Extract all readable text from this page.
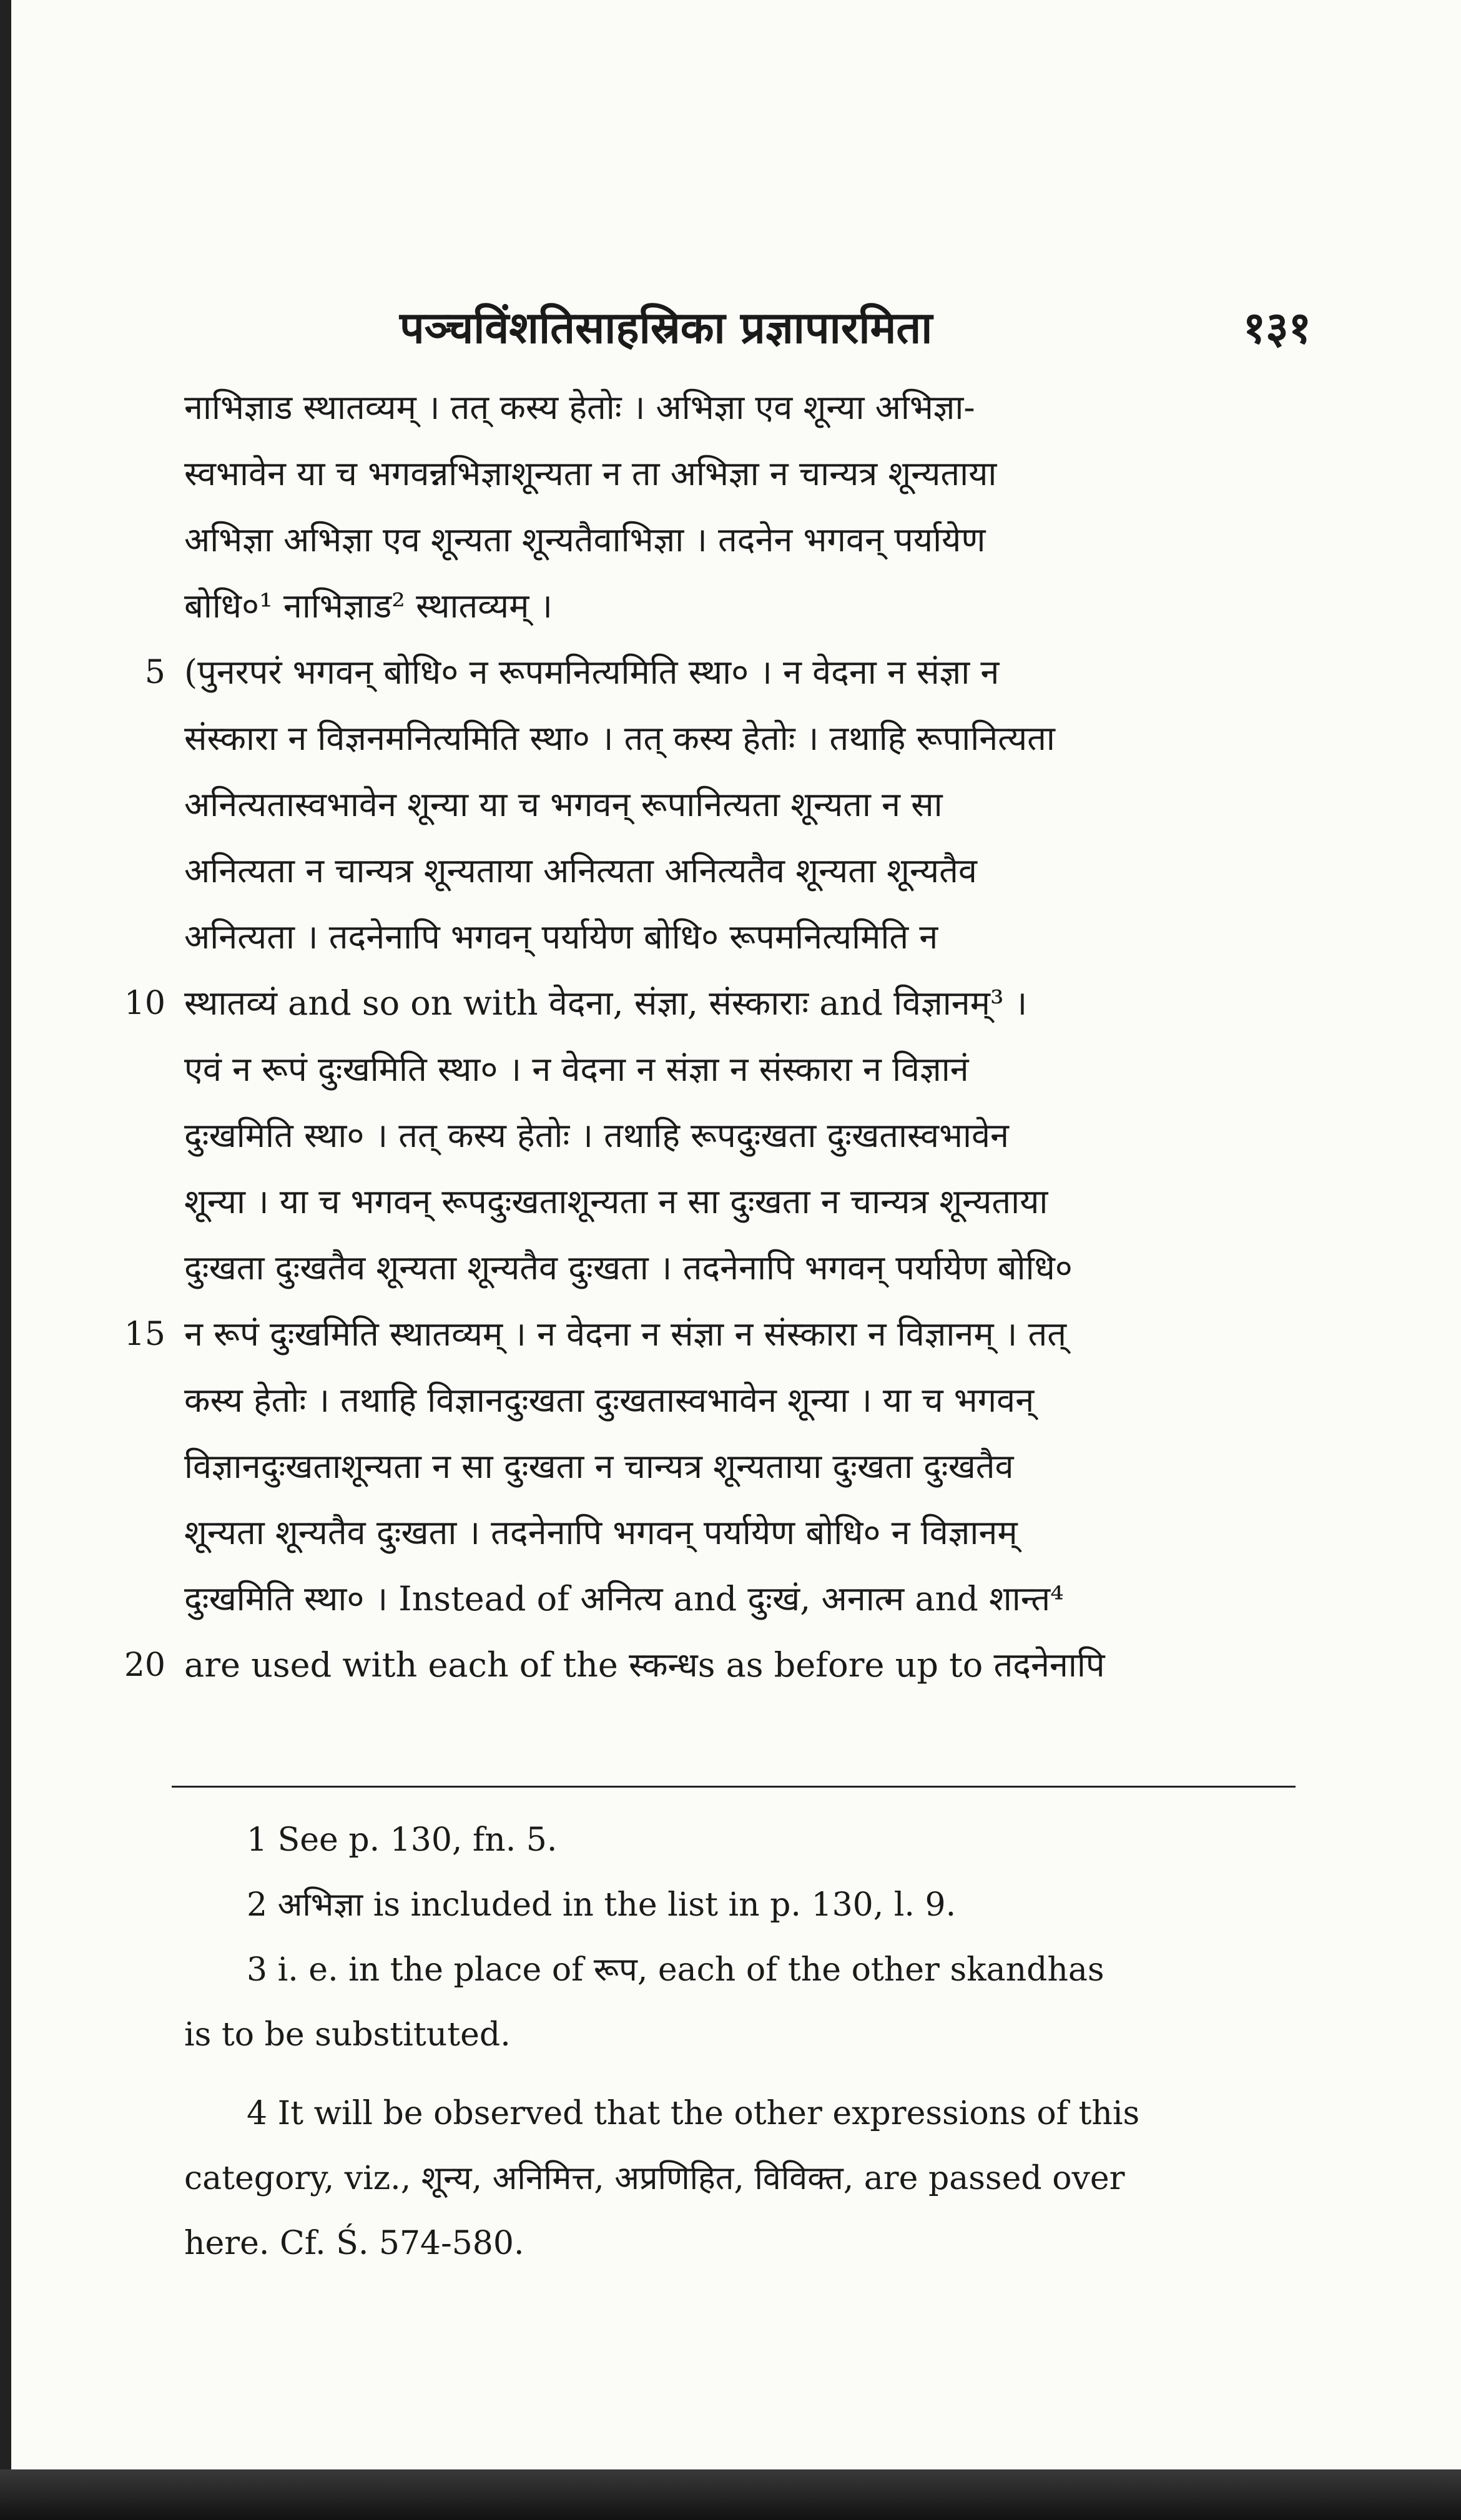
पञ्चविंशतिसाहस्रिका प्रज्ञापारमिता	१३१
नाभिज्ञाड स्थातव्यम् । तत् कस्य हेतोः । अभिज्ञा एव शून्या अभिज्ञा-
स्वभावेन या च भगवन्नभिज्ञाशून्यता न ता अभिज्ञा न चान्यत्र शून्यताया
अभिज्ञा अभिज्ञा एव शून्यता शून्यतैवाभिज्ञा । तदनेन भगवन् पर्यायेण
बोधि०¹ नाभिज्ञाड² स्थातव्यम् ।
5 (पुनरपरं भगवन् बोधि० न रूपमनित्यमिति स्था० । न वेदना न संज्ञा न
संस्कारा न विज्ञनमनित्यमिति स्था० । तत् कस्य हेतोः । तथाहि रूपानित्यता
अनित्यतास्वभावेन शून्या या च भगवन् रूपानित्यता शून्यता न सा
अनित्यता न चान्यत्र शून्यताया अनित्यता अनित्यतैव शून्यता शून्यतैव
अनित्यता । तदनेनापि भगवन् पर्यायेण बोधि० रूपमनित्यमिति न
10 स्थातव्यं and so on with वेदना, संज्ञा, संस्काराः and विज्ञानम्³ ।
एवं न रूपं दुःखमिति स्था० । न वेदना न संज्ञा न संस्कारा न विज्ञानं
दुःखमिति स्था० । तत् कस्य हेतोः । तथाहि रूपदुःखता दुःखतास्वभावेन
शून्या । या च भगवन् रूपदुःखताशून्यता न सा दुःखता न चान्यत्र शून्यताया
दुःखता दुःखतैव शून्यता शून्यतैव दुःखता । तदनेनापि भगवन् पर्यायेण बोधि०
15 न रूपं दुःखमिति स्थातव्यम् । न वेदना न संज्ञा न संस्कारा न विज्ञानम् । तत्
कस्य हेतोः । तथाहि विज्ञानदुःखता दुःखतास्वभावेन शून्या । या च भगवन्
विज्ञानदुःखताशून्यता न सा दुःखता न चान्यत्र शून्यताया दुःखता दुःखतैव
शून्यता शून्यतैव दुःखता । तदनेनापि भगवन् पर्यायेण बोधि० न विज्ञानम्
दुःखमिति स्था० । Instead of अनित्य and दुःखं, अनात्म and शान्त⁴
20 are used with each of the स्कन्धs as before up to तदनेनापि
1 See p. 130, fn. 5.
2 अभिज्ञा is included in the list in p. 130, l. 9.
3 i. e. in the place of रूप, each of the other skandhas
is to be substituted.
4 It will be observed that the other expressions of this
category, viz., शून्य, अनिमित्त, अप्रणिहित, विविक्त, are passed over
here. Cf. Ś. 574-580.
